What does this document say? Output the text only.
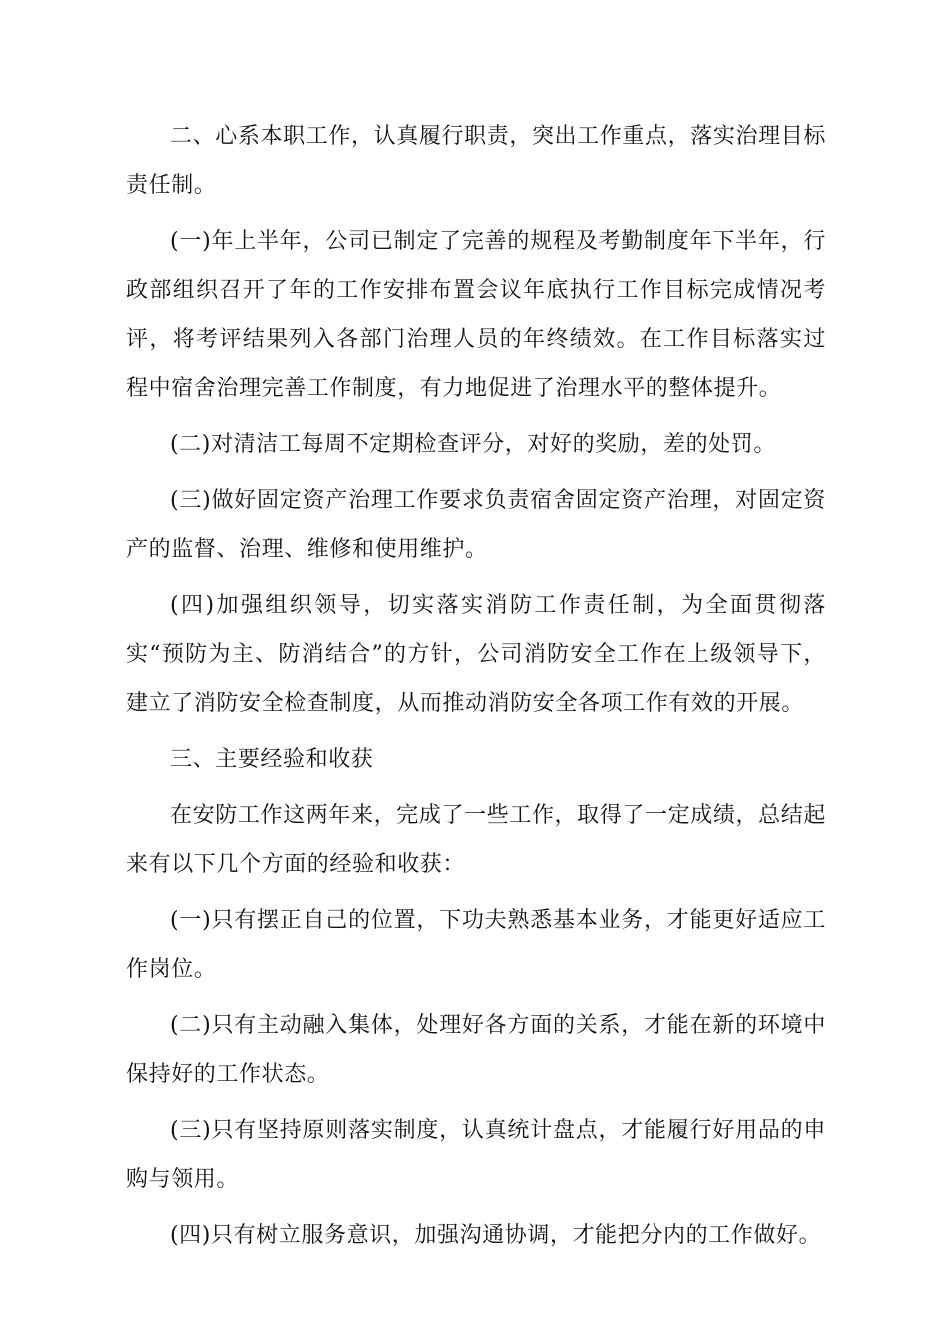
二、心系本职工作，认真履行职责，突出工作重点，落实治理目标责任制。

(一)年上半年，公司已制定了完善的规程及考勤制度年下半年，行政部组织召开了年的工作安排布置会议年底执行工作目标完成情况考评，将考评结果列入各部门治理人员的年终绩效。在工作目标落实过程中宿舍治理完善工作制度，有力地促进了治理水平的整体提升。

(二)对清洁工每周不定期检查评分，对好的奖励，差的处罚。

(三)做好固定资产治理工作要求负责宿舍固定资产治理，对固定资产的监督、治理、维修和使用维护。

(四)加强组织领导，切实落实消防工作责任制，为全面贯彻落实“预防为主、防消结合”的方针，公司消防安全工作在上级领导下，建立了消防安全检查制度，从而推动消防安全各项工作有效的开展。

三、主要经验和收获

在安防工作这两年来，完成了一些工作，取得了一定成绩，总结起来有以下几个方面的经验和收获：

(一)只有摆正自己的位置，下功夫熟悉基本业务，才能更好适应工作岗位。

(二)只有主动融入集体，处理好各方面的关系，才能在新的环境中保持好的工作状态。

(三)只有坚持原则落实制度，认真统计盘点，才能履行好用品的申购与领用。

(四)只有树立服务意识，加强沟通协调，才能把分内的工作做好。
